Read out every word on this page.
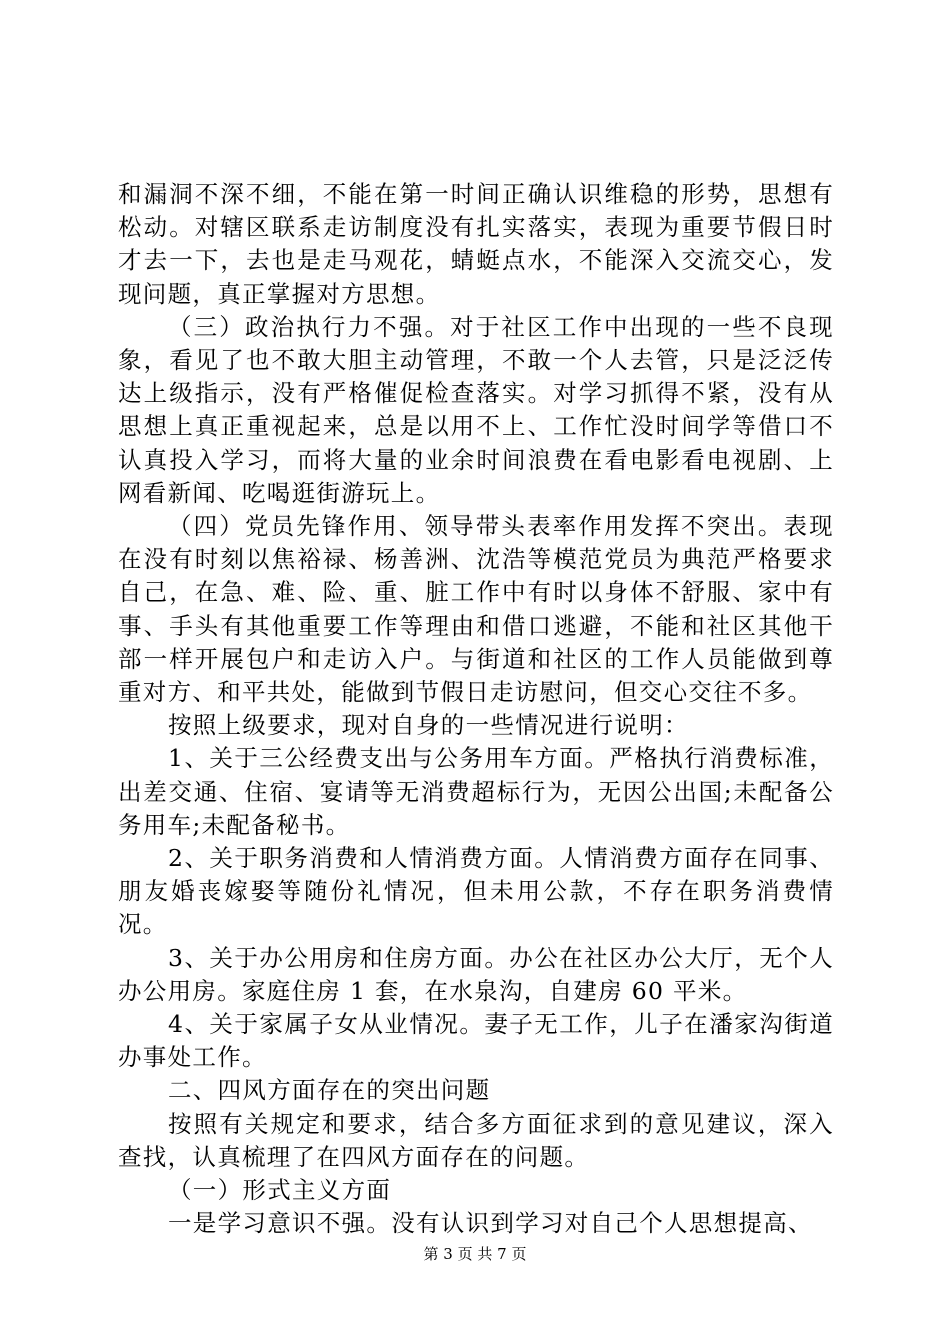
和漏洞不深不细，不能在第一时间正确认识维稳的形势，思想有松动。对辖区联系走访制度没有扎实落实，表现为重要节假日时才去一下，去也是走马观花，蜻蜓点水，不能深入交流交心，发现问题，真正掌握对方思想。

（三）政治执行力不强。对于社区工作中出现的一些不良现象，看见了也不敢大胆主动管理，不敢一个人去管，只是泛泛传达上级指示，没有严格催促检查落实。对学习抓得不紧，没有从思想上真正重视起来，总是以用不上、工作忙没时间学等借口不认真投入学习，而将大量的业余时间浪费在看电影看电视剧、上网看新闻、吃喝逛街游玩上。

（四）党员先锋作用、领导带头表率作用发挥不突出。表现在没有时刻以焦裕禄、杨善洲、沈浩等模范党员为典范严格要求自己，在急、难、险、重、脏工作中有时以身体不舒服、家中有事、手头有其他重要工作等理由和借口逃避，不能和社区其他干部一样开展包户和走访入户。与街道和社区的工作人员能做到尊重对方、和平共处，能做到节假日走访慰问，但交心交往不多。

按照上级要求，现对自身的一些情况进行说明：

1、关于三公经费支出与公务用车方面。严格执行消费标准，出差交通、住宿、宴请等无消费超标行为，无因公出国;未配备公务用车;未配备秘书。

2、关于职务消费和人情消费方面。人情消费方面存在同事、朋友婚丧嫁娶等随份礼情况，但未用公款，不存在职务消费情况。

3、关于办公用房和住房方面。办公在社区办公大厅，无个人办公用房。家庭住房 1 套，在水泉沟，自建房 60 平米。

4、关于家属子女从业情况。妻子无工作，儿子在潘家沟街道办事处工作。

二、四风方面存在的突出问题

按照有关规定和要求，结合多方面征求到的意见建议，深入查找，认真梳理了在四风方面存在的问题。

（一）形式主义方面

一是学习意识不强。没有认识到学习对自己个人思想提高、

第 3 页 共 7 页
